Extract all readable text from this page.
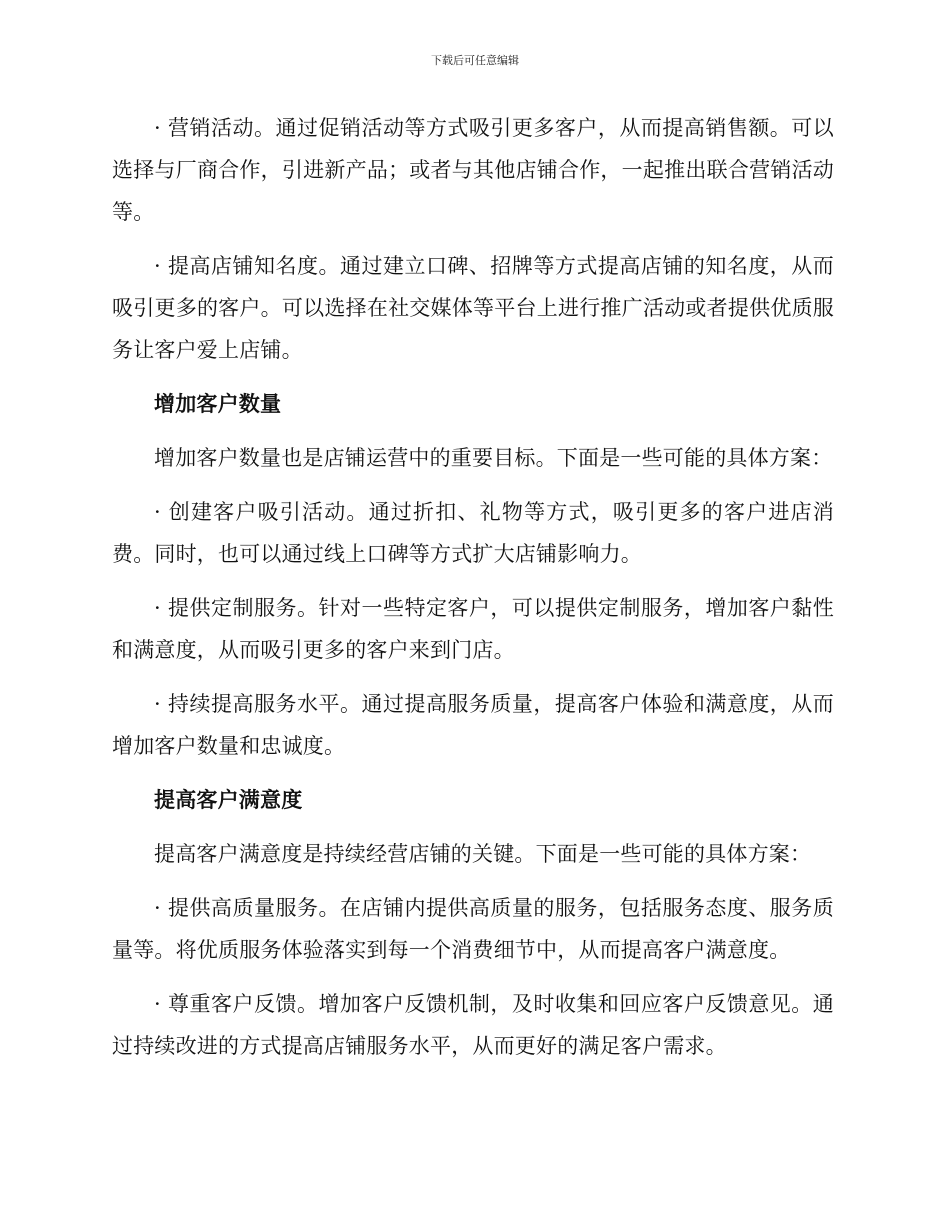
下载后可任意编辑

· 营销活动。通过促销活动等方式吸引更多客户，从而提高销售额。可以选择与厂商合作，引进新产品；或者与其他店铺合作，一起推出联合营销活动等。

· 提高店铺知名度。通过建立口碑、招牌等方式提高店铺的知名度，从而吸引更多的客户。可以选择在社交媒体等平台上进行推广活动或者提供优质服务让客户爱上店铺。

增加客户数量

增加客户数量也是店铺运营中的重要目标。下面是一些可能的具体方案：

· 创建客户吸引活动。通过折扣、礼物等方式，吸引更多的客户进店消费。同时，也可以通过线上口碑等方式扩大店铺影响力。

· 提供定制服务。针对一些特定客户，可以提供定制服务，增加客户黏性和满意度，从而吸引更多的客户来到门店。

· 持续提高服务水平。通过提高服务质量，提高客户体验和满意度，从而增加客户数量和忠诚度。

提高客户满意度

提高客户满意度是持续经营店铺的关键。下面是一些可能的具体方案：

· 提供高质量服务。在店铺内提供高质量的服务，包括服务态度、服务质量等。将优质服务体验落实到每一个消费细节中，从而提高客户满意度。

· 尊重客户反馈。增加客户反馈机制，及时收集和回应客户反馈意见。通过持续改进的方式提高店铺服务水平，从而更好的满足客户需求。
